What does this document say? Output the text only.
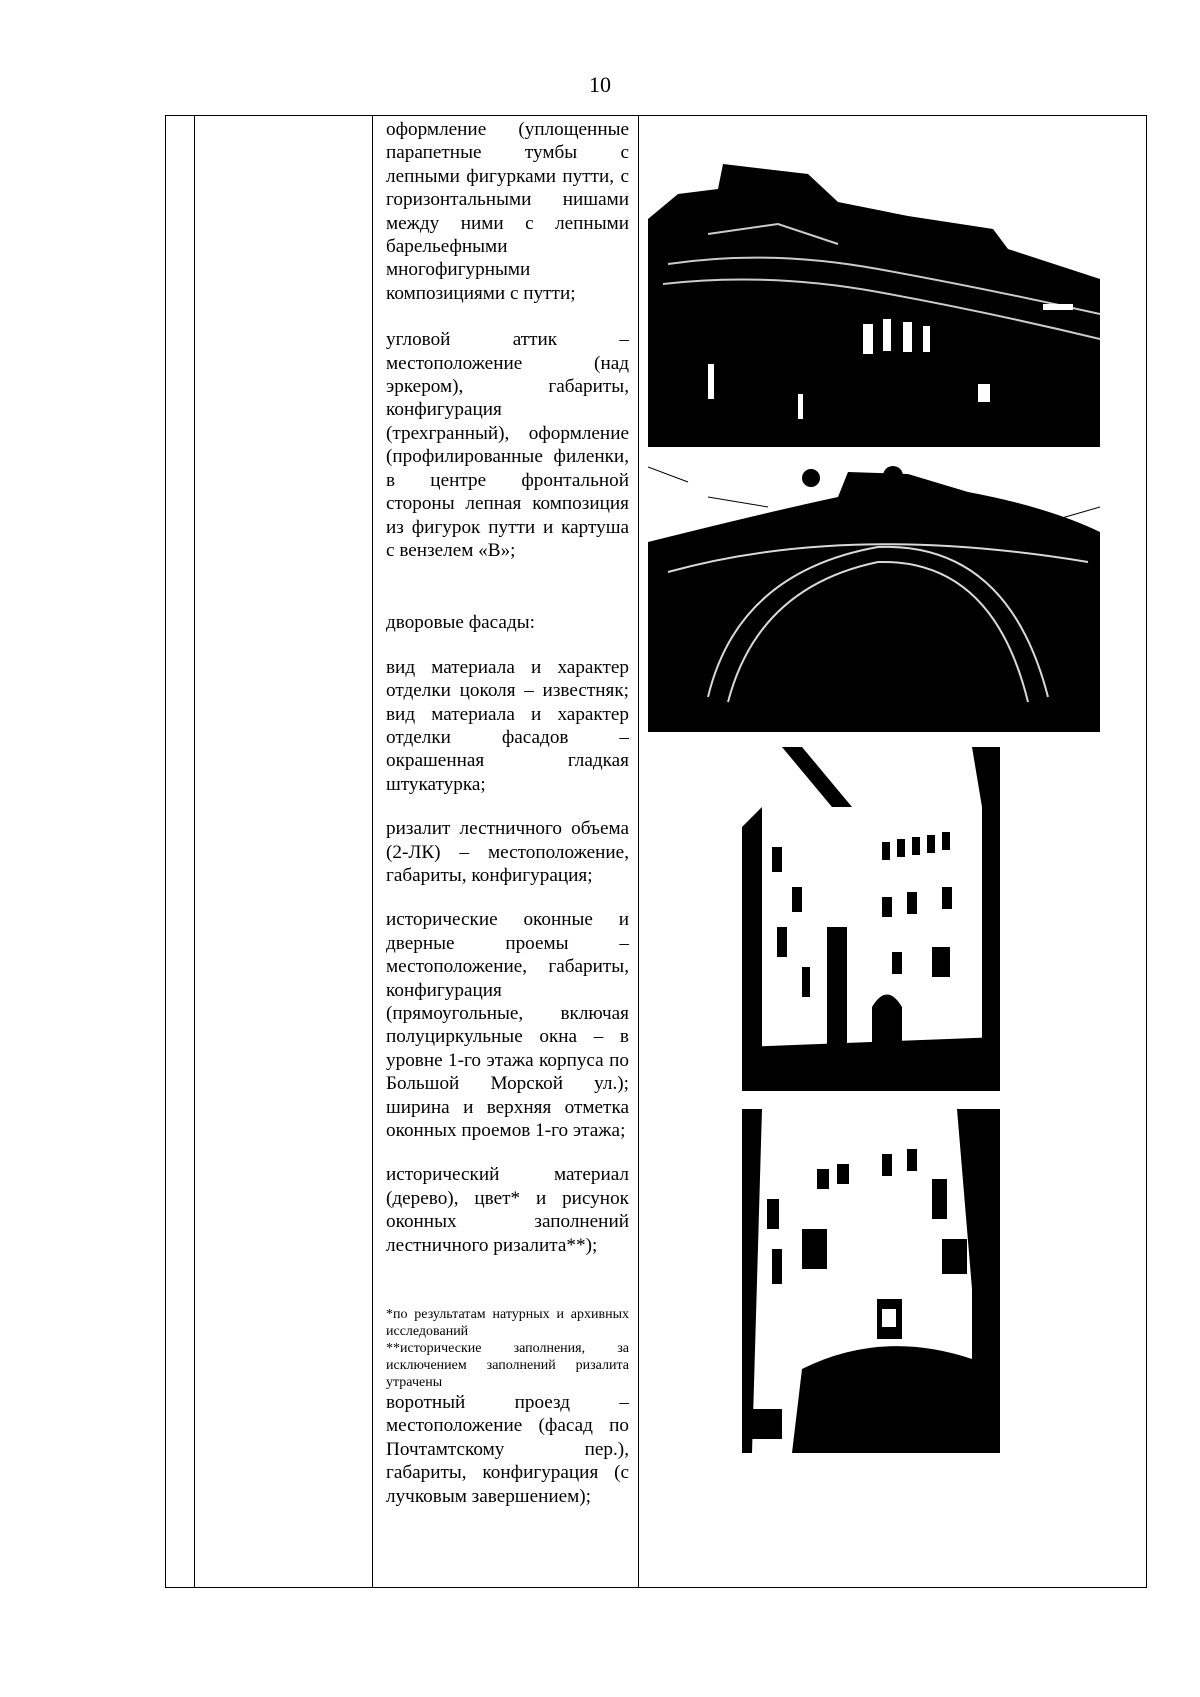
10

оформление (уплощенные парапетные тумбы с лепными фигурками путти, с горизонтальными нишами между ними с лепными барельефными многофигурными композициями с путти;

угловой аттик – местоположение (над эркером), габариты, конфигурация (трехгранный), оформление (профилированные филенки, в центре фронтальной стороны лепная композиция из фигурок путти и картуша с вензелем «В»;

дворовые фасады:

вид материала и характер отделки цоколя – известняк; вид материала и характер отделки фасадов – окрашенная гладкая штукатурка;

ризалит лестничного объема (2-ЛК) – местоположение, габариты, конфигурация;

исторические оконные и дверные проемы – местоположение, габариты, конфигурация (прямоугольные, включая полуциркульные окна – в уровне 1-го этажа корпуса по Большой Морской ул.); ширина и верхняя отметка оконных проемов 1-го этажа;

исторический материал (дерево), цвет* и рисунок оконных заполнений лестничного ризалита**);

*по результатам натурных и архивных исследований

**исторические заполнения, за исключением заполнений ризалита утрачены

воротный проезд – местоположение (фасад по Почтамтскому пер.), габариты, конфигурация (с лучковым завершением);
